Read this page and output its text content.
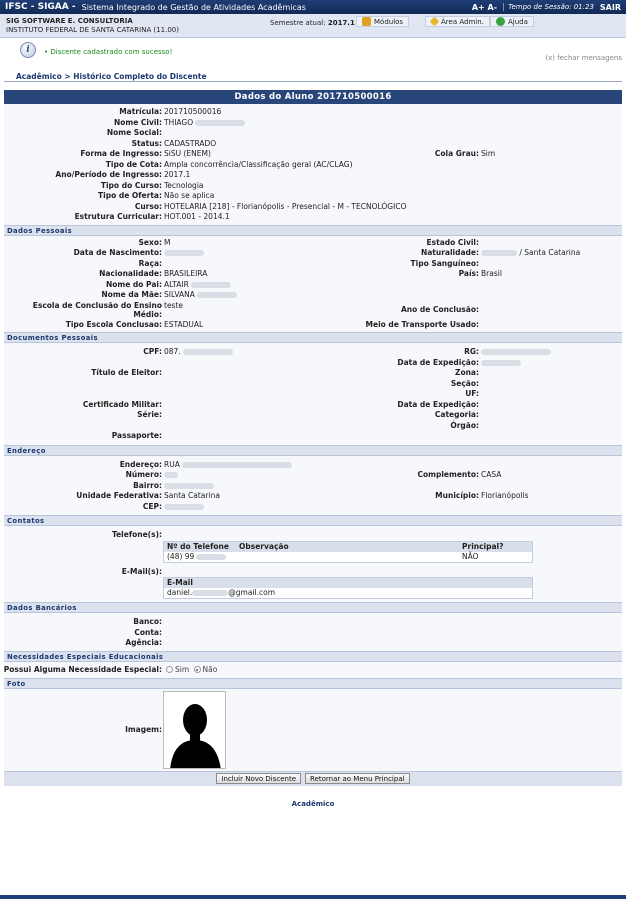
IFSC - SIGAA - Sistema Integrado de Gestão de Atividades Acadêmicas	A+ A-	Tempo de Sessão: 01:23 SAIR
SIG SOFTWARE E. CONSULTORIA
INSTITUTO FEDERAL DE SANTA CATARINA (11.00)
Semestre atual: 2017.1	Módulos	Área Admin.	Ajuda
i	• Discente cadastrado com sucesso!
(x) fechar mensagens
Acadêmico > Histórico Completo do Discente
Dados do Aluno 201710500016
Matrícula: 201710500016
Nome Civil: THIAGO
Nome Social:
Status: CADASTRADO
Forma de Ingresso: SiSU (ENEM)	Cola Grau: Sim
Tipo de Cota: Ampla concorrência/Classificação geral (AC/CLAG)
Ano/Período de Ingresso: 2017.1
Tipo do Curso: Tecnologia
Tipo de Oferta: Não se aplica
Curso: HOTELARIA [218] - Florianópolis - Presencial - M - TECNOLÓGICO
Estrutura Curricular: HOT.001 - 2014.1
Dados Pessoais
Sexo: M	Estado Civil:
Data de Nascimento:	Naturalidade:	/ Santa Catarina
Raça:	Tipo Sanguíneo:
Nacionalidade: BRASILEIRA	País: Brasil
Nome do Pai: ALTAIR
Nome da Mãe: SILVANA
Escola de Conclusão do Ensino
Médio:
teste	Ano de Conclusão:
Tipo Escola Conclusao: ESTADUAL	Meio de Transporte Usado:
Documentos Pessoais
CPF: 087.	RG:
Data de Expedição:
Título de Eleitor:	Zona:
Seção:
UF:
Certificado Militar:	Data de Expedição:
Série:	Categoria:
Órgão:
Passaporte:
Endereço
Endereço: RUA
Número:	Complemento: CASA
Bairro:
Unidade Federativa: Santa Catarina	Município: Florianópolis
CEP:
Contatos
Telefone(s):
Nº do Telefone Observação	Principal?
(48) 99	NÃO
E-Mail(s):
E-Mail
daniel.	@gmail.com
Dados Bancários
Banco:
Conta:
Agência:
Necessidades Especiais Educacionais
Possui Alguma Necessidade Especial:	Sim Não
Foto
Imagem:
Incluir Novo Discente	Retornar ao Menu Principal
Acadêmico
